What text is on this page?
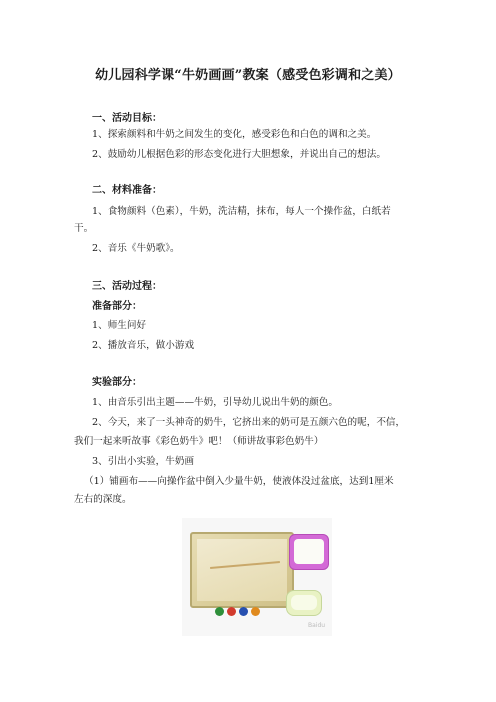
幼儿园科学课“牛奶画画”教案（感受色彩调和之美）
一、活动目标：
1、探索颜料和牛奶之间发生的变化，感受彩色和白色的调和之美。
2、鼓励幼儿根据色彩的形态变化进行大胆想象，并说出自己的想法。
二、材料准备：
1、食物颜料（色素），牛奶，洗洁精，抹布，每人一个操作盆，白纸若
干。
2、音乐《牛奶歌》。
三、活动过程：
准备部分：
1、师生问好
2、播放音乐，做小游戏
实验部分：
1、由音乐引出主题——牛奶，引导幼儿说出牛奶的颜色。
2、今天，来了一头神奇的奶牛，它挤出来的奶可是五颜六色的呢，不信，
我们一起来听故事《彩色奶牛》吧！（师讲故事彩色奶牛）
3、引出小实验，牛奶画
（1）铺画布——向操作盆中倒入少量牛奶，使液体没过盆底，达到1厘米
左右的深度。
Baidu
